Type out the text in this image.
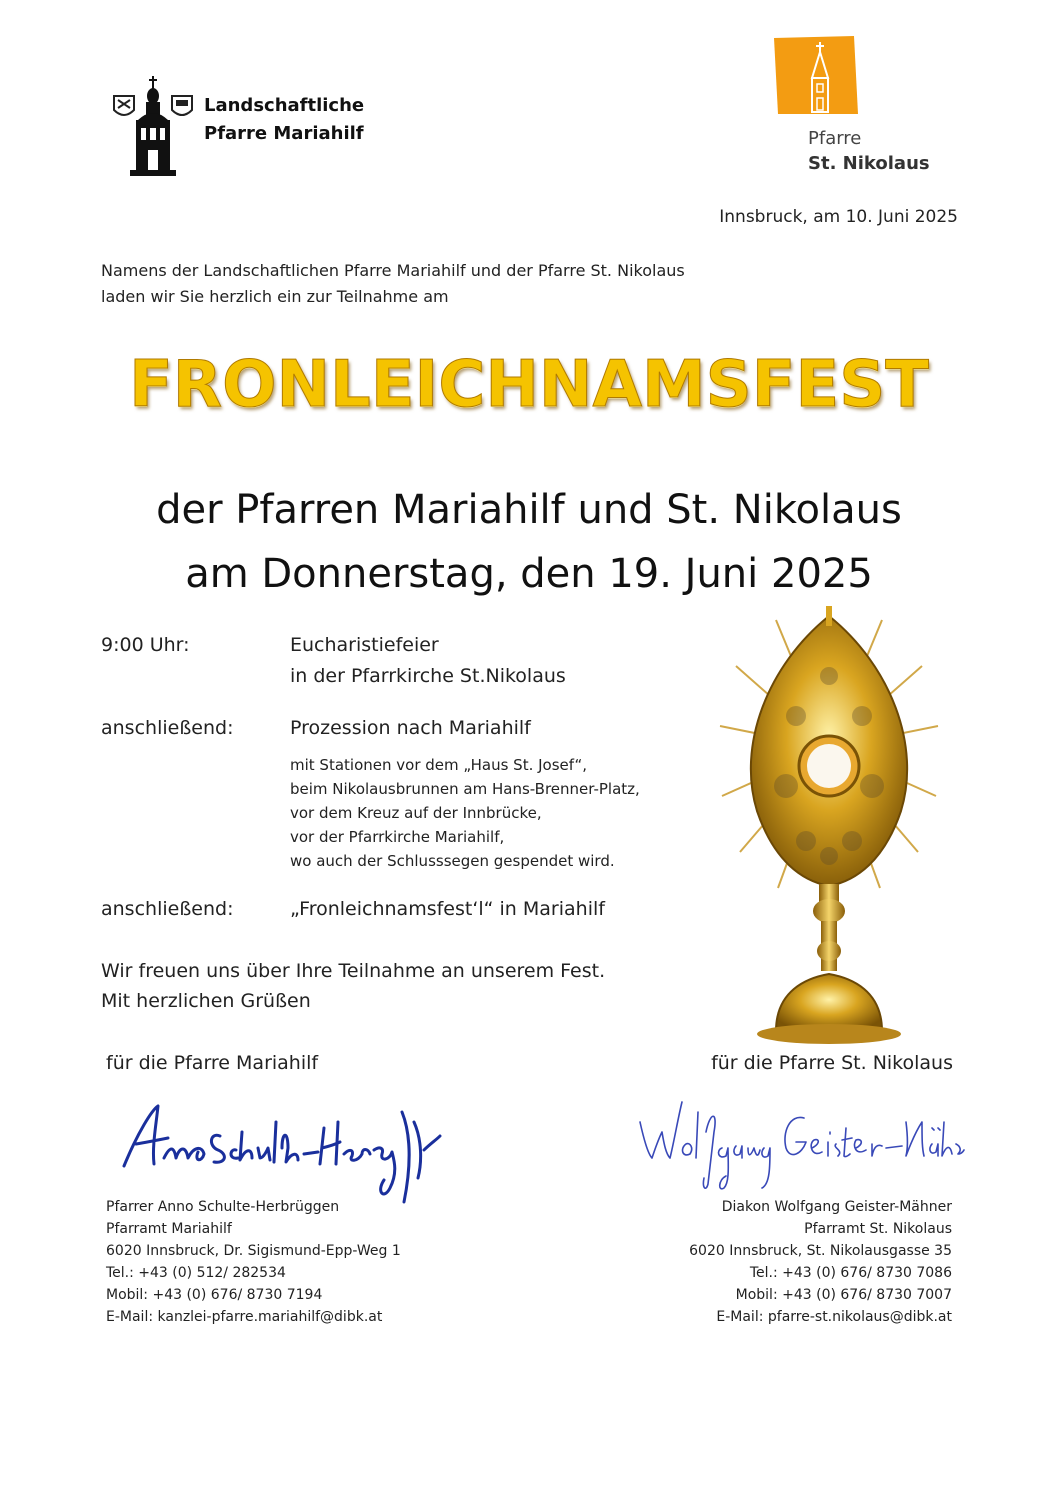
Landschaftliche
Pfarre Mariahilf	Pfarre
St. Nikolaus
Innsbruck, am 10. Juni 2025
Namens der Landschaftlichen Pfarre Mariahilf und der Pfarre St. Nikolaus
laden wir Sie herzlich ein zur Teilnahme am
FRONLEICHNAMSFEST
der Pfarren Mariahilf und St. Nikolaus
am Donnerstag, den 19. Juni 2025
9:00 Uhr:	Eucharistiefeier
in der Pfarrkirche St.Nikolaus
anschließend:	Prozession nach Mariahilf
mit Stationen vor dem „Haus St. Josef“,
beim Nikolausbrunnen am Hans-Brenner-Platz,
vor dem Kreuz auf der Innbrücke,
vor der Pfarrkirche Mariahilf,
wo auch der Schlusssegen gespendet wird.
anschließend:	„Fronleichnamsfest‘l“ in Mariahilf
Wir freuen uns über Ihre Teilnahme an unserem Fest.
Mit herzlichen Grüßen
für die Pfarre Mariahilf	für die Pfarre St. Nikolaus
Pfarrer Anno Schulte-Herbrüggen
Pfarramt Mariahilf
6020 Innsbruck, Dr. Sigismund-Epp-Weg 1
Tel.: +43 (0) 512/ 282534
Mobil: +43 (0) 676/ 8730 7194
E-Mail: kanzlei-pfarre.mariahilf@dibk.at
Diakon Wolfgang Geister-Mähner
Pfarramt St. Nikolaus
6020 Innsbruck, St. Nikolausgasse 35
Tel.: +43 (0) 676/ 8730 7086
Mobil: +43 (0) 676/ 8730 7007
E-Mail: pfarre-st.nikolaus@dibk.at
